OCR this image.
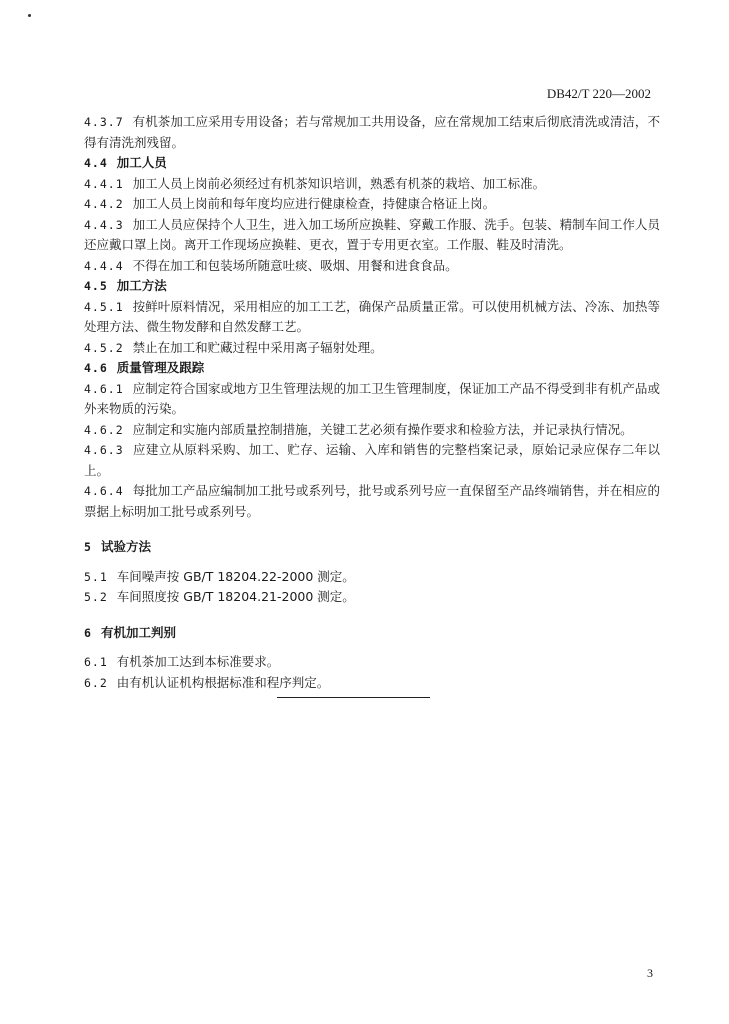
DB42/T 220—2002
4.3.7 有机茶加工应采用专用设备；若与常规加工共用设备，应在常规加工结束后彻底清洗或清洁，不得有清洗剂残留。
4.4 加工人员
4.4.1 加工人员上岗前必须经过有机茶知识培训，熟悉有机茶的栽培、加工标准。
4.4.2 加工人员上岗前和每年度均应进行健康检查，持健康合格证上岗。
4.4.3 加工人员应保持个人卫生，进入加工场所应换鞋、穿戴工作服、洗手。包装、精制车间工作人员还应戴口罩上岗。离开工作现场应换鞋、更衣，置于专用更衣室。工作服、鞋及时清洗。
4.4.4 不得在加工和包装场所随意吐痰、吸烟、用餐和进食食品。
4.5 加工方法
4.5.1 按鲜叶原料情况，采用相应的加工工艺，确保产品质量正常。可以使用机械方法、冷冻、加热等处理方法、微生物发酵和自然发酵工艺。
4.5.2 禁止在加工和贮藏过程中采用离子辐射处理。
4.6 质量管理及跟踪
4.6.1 应制定符合国家或地方卫生管理法规的加工卫生管理制度，保证加工产品不得受到非有机产品或外来物质的污染。
4.6.2 应制定和实施内部质量控制措施，关键工艺必须有操作要求和检验方法，并记录执行情况。
4.6.3 应建立从原料采购、加工、贮存、运输、入库和销售的完整档案记录，原始记录应保存二年以上。
4.6.4 每批加工产品应编制加工批号或系列号，批号或系列号应一直保留至产品终端销售，并在相应的票据上标明加工批号或系列号。
5 试验方法
5.1 车间噪声按 GB/T 18204.22-2000 测定。
5.2 车间照度按 GB/T 18204.21-2000 测定。
6 有机加工判别
6.1 有机茶加工达到本标准要求。
6.2 由有机认证机构根据标准和程序判定。
3
